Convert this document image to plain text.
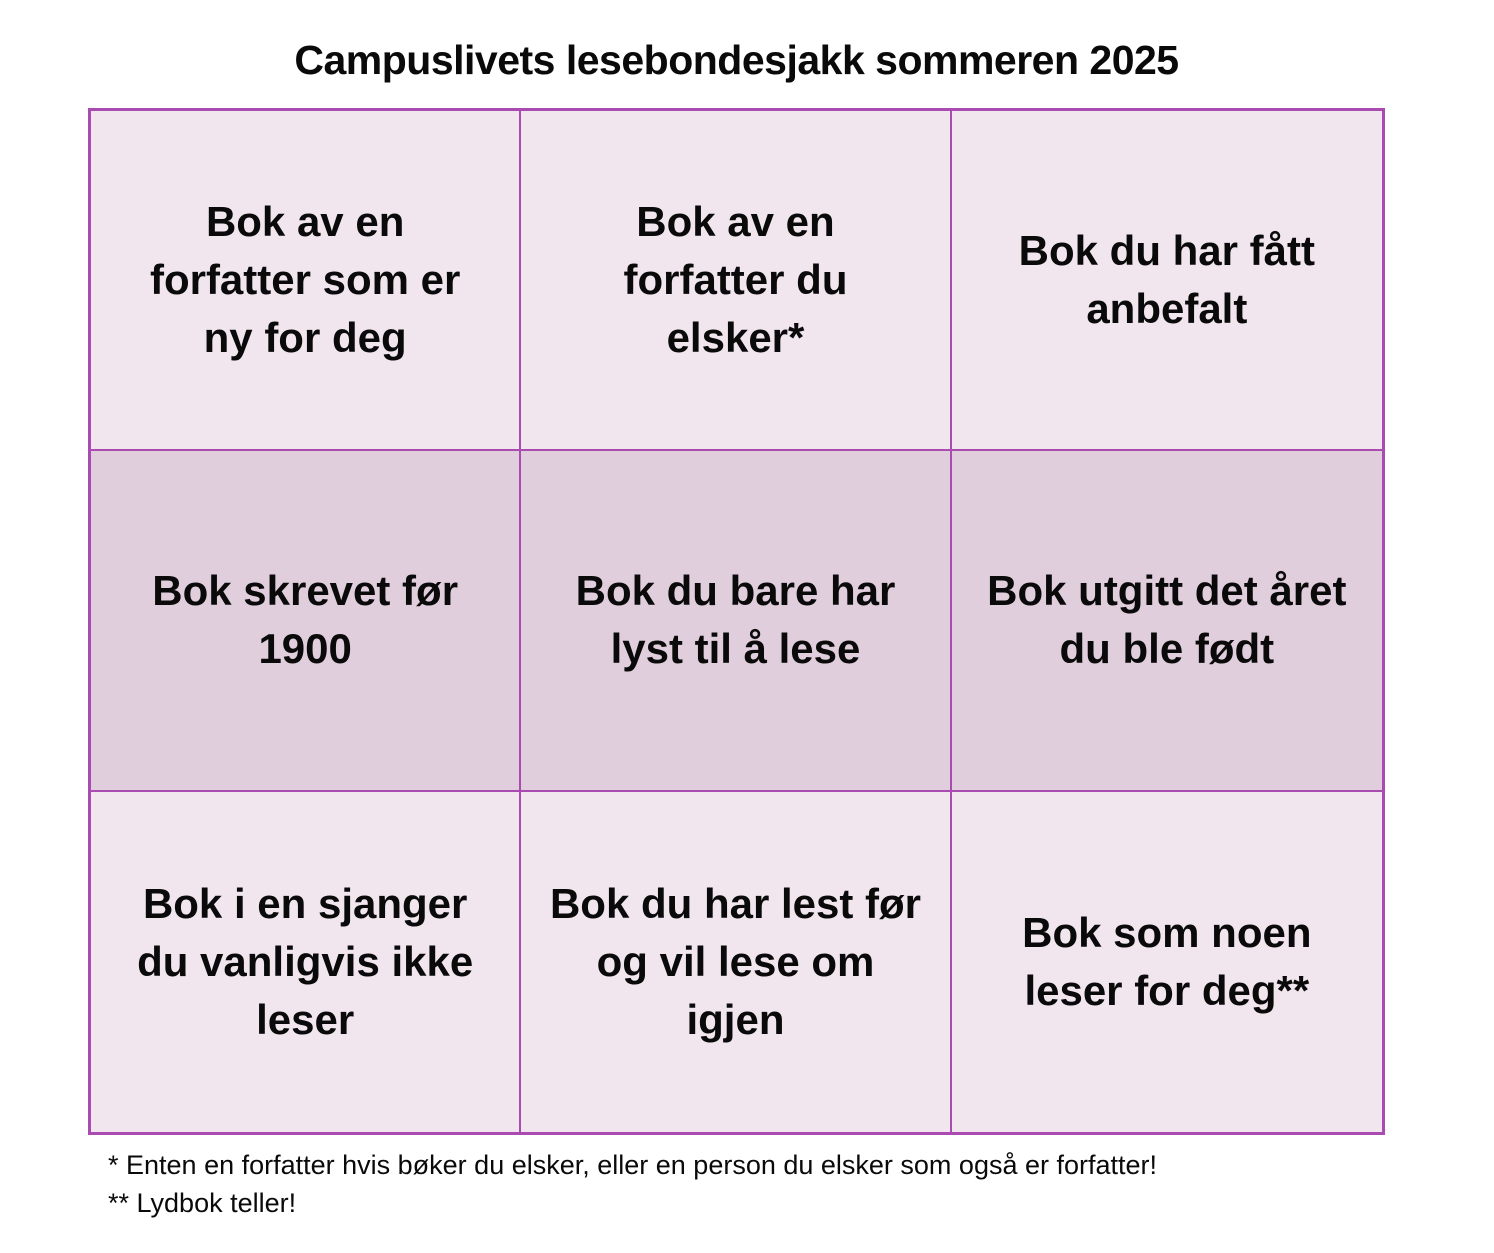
Campuslivets lesebondesjakk sommeren 2025
Bok av en forfatter som er ny for deg
Bok av en forfatter du elsker*
Bok du har fått anbefalt
Bok skrevet før 1900
Bok du bare har lyst til å lese
Bok utgitt det året du ble født
Bok i en sjanger du vanligvis ikke leser
Bok du har lest før og vil lese om igjen
Bok som noen leser for deg**
* Enten en forfatter hvis bøker du elsker, eller en person du elsker som også er forfatter!
** Lydbok teller!
